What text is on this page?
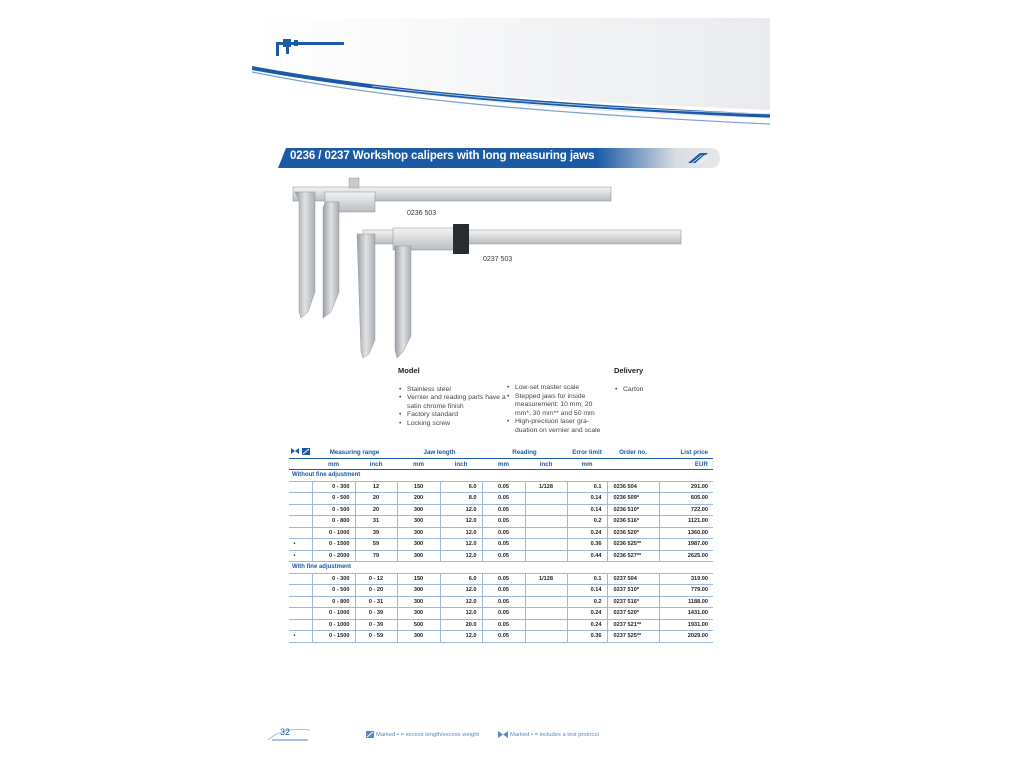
0236 / 0237 Workshop calipers with long measuring jaws
0236 503
0237 503
Model
• Stainless steel
• Vernier and reading parts have a satin chrome finish
• Factory standard
• Locking screw
• Low-set master scale
• Stepped jaws for inside measurement: 10 mm, 20 mm*, 30 mm** and 50 mm
• High-precision laser gra-duation on vernier and scale
Delivery
• Carton
		Measuring range		Jaw length		Reading		Error limit	Order no.	List price
		mm	inch	mm	inch	mm	inch	mm		EUR
Without fine adjustment										
		0 - 300	12	150	6.0	0.05	1/128	0.1	0236 504	291.00
		0 - 500	20	200	8.0	0.05		0.14	0236 509*	605.00
		0 - 500	20	300	12.0	0.05		0.14	0236 510*	722.00
		0 - 800	31	300	12.0	0.05		0.2	0236 516*	1121.00
		0 - 1000	39	300	12.0	0.05		0.24	0236 520*	1360.00
•		0 - 1500	59	300	12.0	0.05		0.36	0236 525**	1987.00
•		0 - 2000	79	300	12.0	0.05		0.44	0236 527**	2625.00
With fine adjustment										
		0 - 300	0 - 12	150	6.0	0.05	1/128	0.1	0237 504	319.00
		0 - 500	0 - 20	300	12.0	0.05		0.14	0237 510*	779.00
		0 - 800	0 - 31	300	12.0	0.05		0.2	0237 516*	1188.00
		0 - 1000	0 - 39	300	12.0	0.05		0.24	0237 520*	1431.00
		0 - 1000	0 - 39	500	20.0	0.05		0.24	0237 521**	1931.00
•		0 - 1500	0 - 59	300	12.0	0.05		0.36	0237 525**	2029.00
32	Marked • = excess length/excess weight	Marked • = includes a test protocol
